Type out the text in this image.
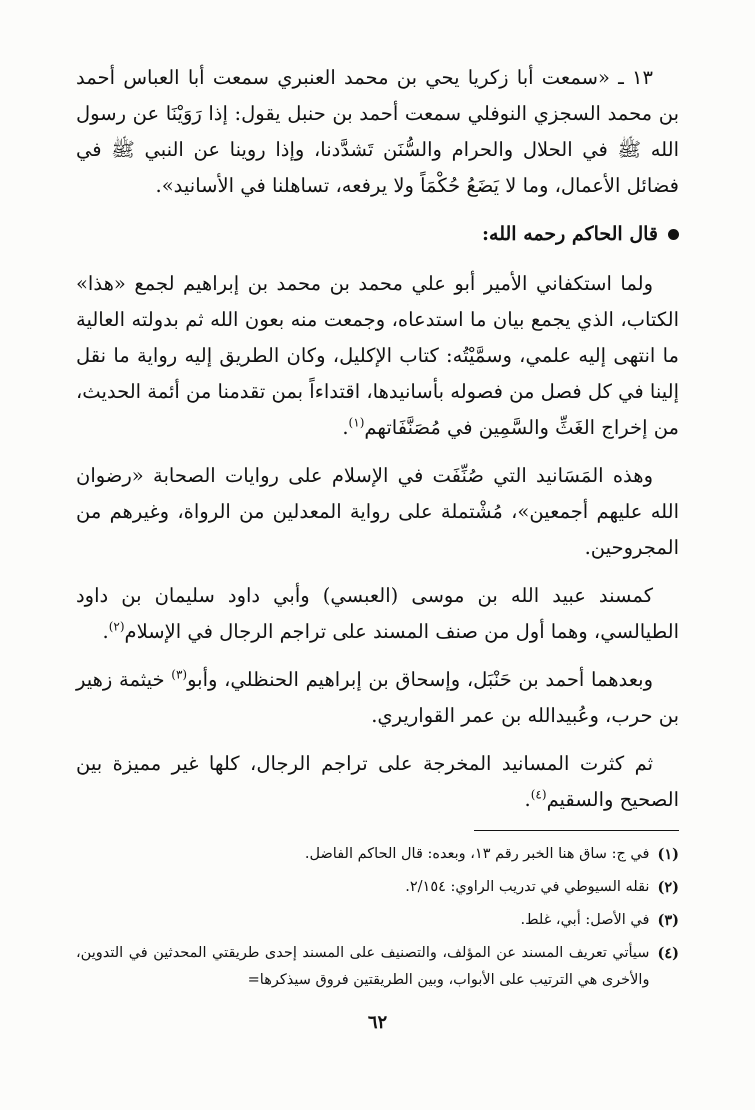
١٣ ـ «سمعت أبا زكريا يحي بن محمد العنبري سمعت أبا العباس أحمد بن محمد السجزي النوفلي سمعت أحمد بن حنبل يقول: إذا رَوَيْنَا عن رسول الله ﷺ في الحلال والحرام والسُّنَن تَشدَّدنا، وإذا روينا عن النبي ﷺ في فضائل الأعمال، وما لا يَضَعُ حُكْمَاً ولا يرفعه، تساهلنا في الأسانيد».

قال الحاكم رحمه الله:

ولما استكفاني الأمير أبو علي محمد بن محمد بن إبراهيم لجمع «هذا» الكتاب، الذي يجمع بيان ما استدعاه، وجمعت منه بعون الله ثم بدولته العالية ما انتهى إليه علمي، وسمَّيْتُه: كتاب الإكليل، وكان الطريق إليه رواية ما نقل إلينا في كل فصل من فصوله بأسانيدها، اقتداءاً بمن تقدمنا من أئمة الحديث، من إخراج الغَثِّ والسَّمِين في مُصَنَّفَاتهم$^{(١)}$.

وهذه المَسَانيد التي صُنِّفَت في الإسلام على روايات الصحابة «رضوان الله عليهم أجمعين»، مُشْتملة على رواية المعدلين من الرواة، وغيرهم من المجروحين.

كمسند عبيد الله بن موسى (العبسي) وأبي داود سليمان بن داود الطيالسي، وهما أول من صنف المسند على تراجم الرجال في الإسلام$^{(٢)}$.

وبعدهما أحمد بن حَنْبَل، وإسحاق بن إبراهيم الحنظلي، وأبو$^{(٣)}$ خيثمة زهير بن حرب، وعُبيدالله بن عمر القواريري.

ثم كثرت المسانيد المخرجة على تراجم الرجال، كلها غير مميزة بين الصحيح والسقيم$^{(٤)}$.

(١)
في ج: ساق هنا الخبر رقم ١٣، وبعده: قال الحاكم الفاضل.
(٢)
نقله السيوطي في تدريب الراوي: ٢/١٥٤.
(٣)
في الأصل: أبي، غلط.
(٤)
سيأتي تعريف المسند عن المؤلف، والتصنيف على المسند إحدى طريقتي المحدثين في التدوين، والأخرى هي الترتيب على الأبواب، وبين الطريقتين فروق سيذكرها=
٦٢
